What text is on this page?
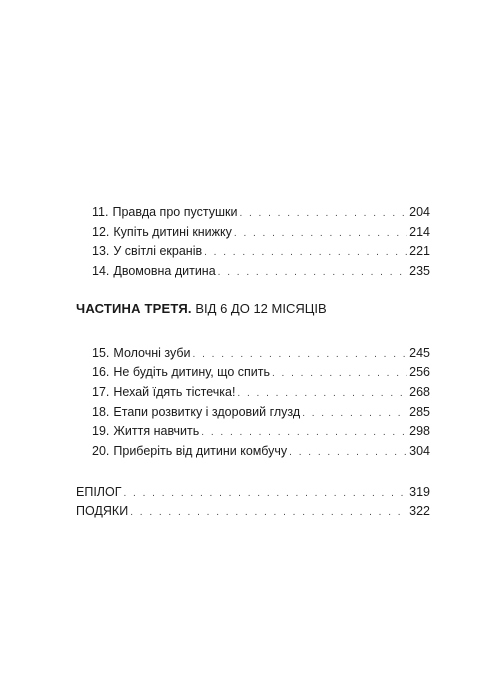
11. Правда про пустушки . . .	204
12. Купіть дитині книжку . . .	214
13. У світлі екранів . . .	221
14. Двомовна дитина . . .	235
ЧАСТИНА ТРЕТЯ. ВІД 6 ДО 12 МІСЯЦІВ
15. Молочні зуби . . .	245
16. Не будіть дитину, що спить . . .	256
17. Нехай їдять тістечка! . . .	268
18. Етапи розвитку і здоровий глузд . . .	285
19. Життя навчить . . .	298
20. Приберіть від дитини комбучу . . .	304
ЕПІЛОГ . . .	319
ПОДЯКИ . . .	322
